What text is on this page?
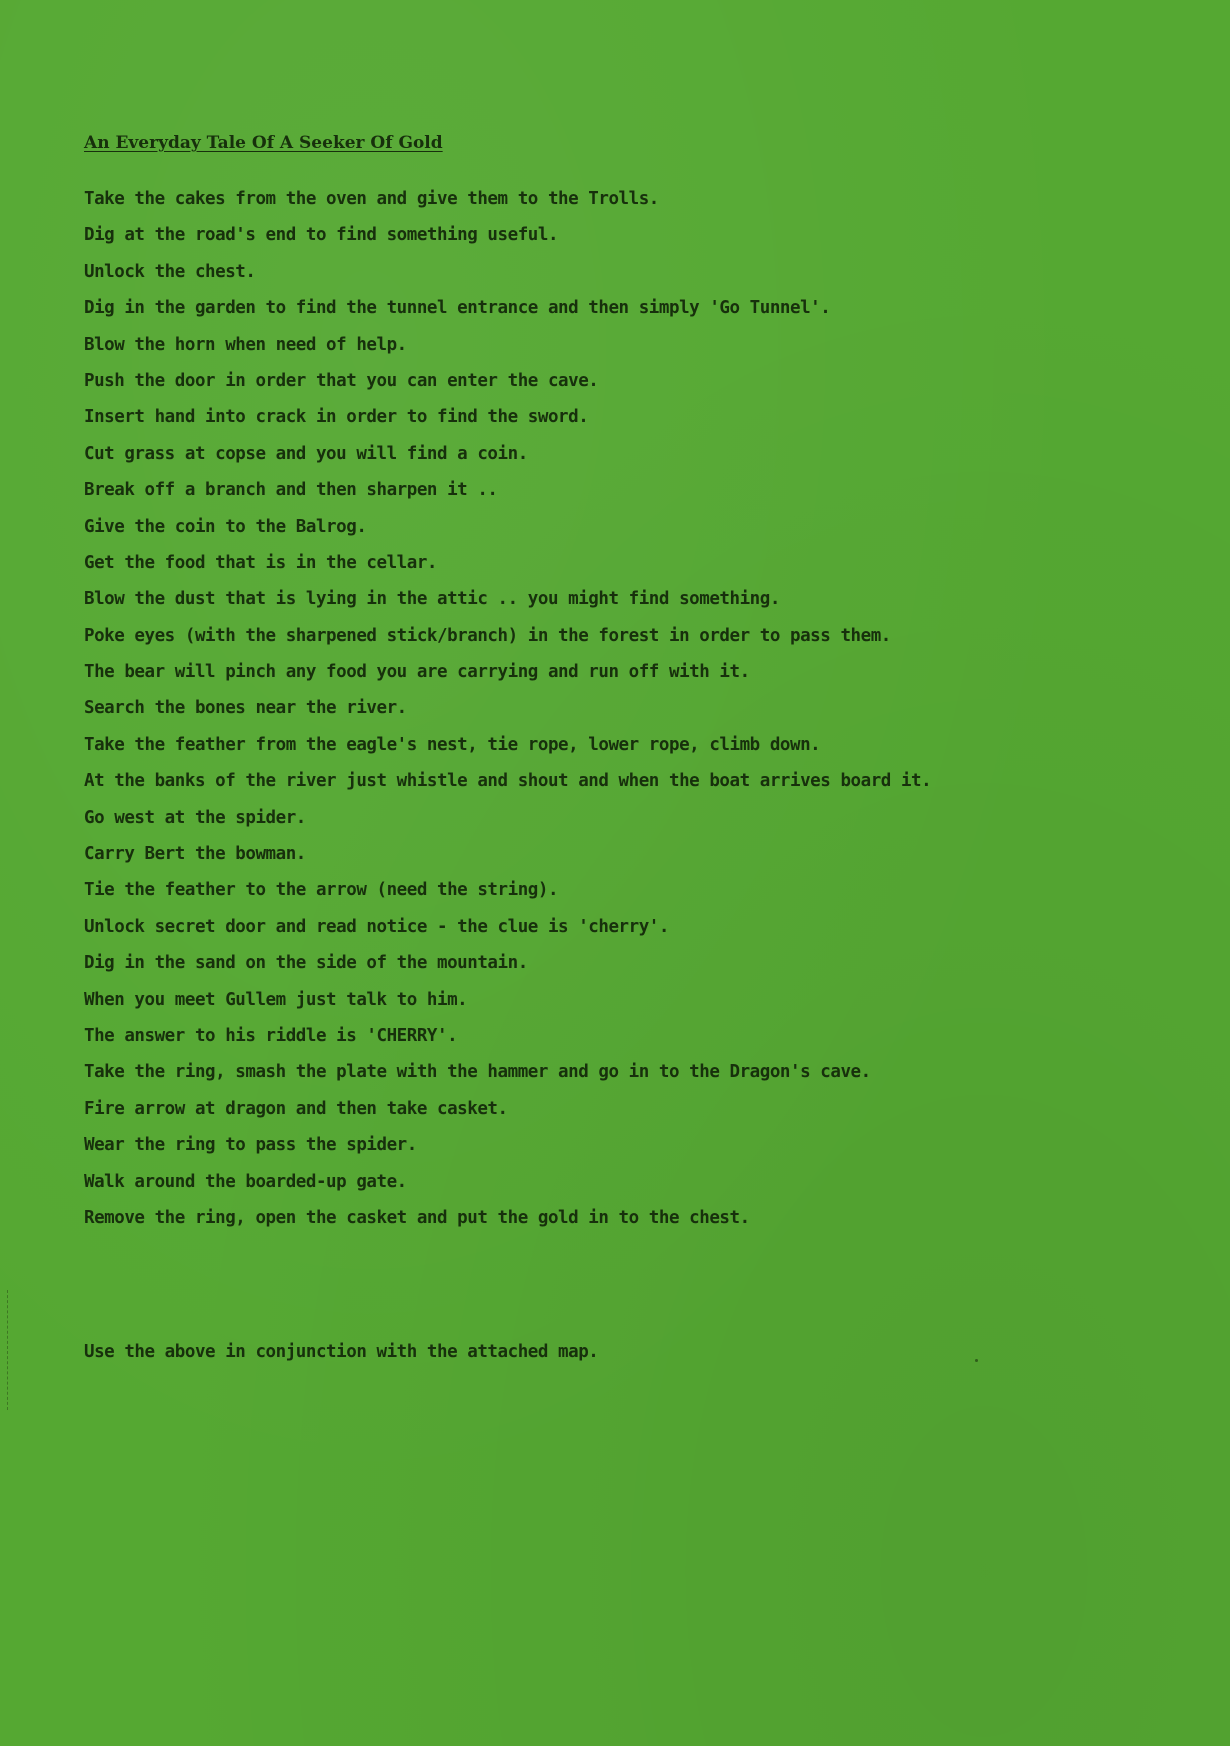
An Everyday Tale Of A Seeker Of Gold
Take the cakes from the oven and give them to the Trolls.
Dig at the road's end to find something useful.
Unlock the chest.
Dig in the garden to find the tunnel entrance and then simply 'Go Tunnel'.
Blow the horn when need of help.
Push the door in order that you can enter the cave.
Insert hand into crack in order to find the sword.
Cut grass at copse and you will find a coin.
Break off a branch and then sharpen it ..
Give the coin to the Balrog.
Get the food that is in the cellar.
Blow the dust that is lying in the attic .. you might find something.
Poke eyes (with the sharpened stick/branch) in the forest in order to pass them.
The bear will pinch any food you are carrying and run off with it.
Search the bones near the river.
Take the feather from the eagle's nest, tie rope, lower rope, climb down.
At the banks of the river just whistle and shout and when the boat arrives board it.
Go west at the spider.
Carry Bert the bowman.
Tie the feather to the arrow (need the string).
Unlock secret door and read notice - the clue is 'cherry'.
Dig in the sand on the side of the mountain.
When you meet Gullem just talk to him.
The answer to his riddle is 'CHERRY'.
Take the ring, smash the plate with the hammer and go in to the Dragon's cave.
Fire arrow at dragon and then take casket.
Wear the ring to pass the spider.
Walk around the boarded-up gate.
Remove the ring, open the casket and put the gold in to the chest.

Use the above in conjunction with the attached map.
